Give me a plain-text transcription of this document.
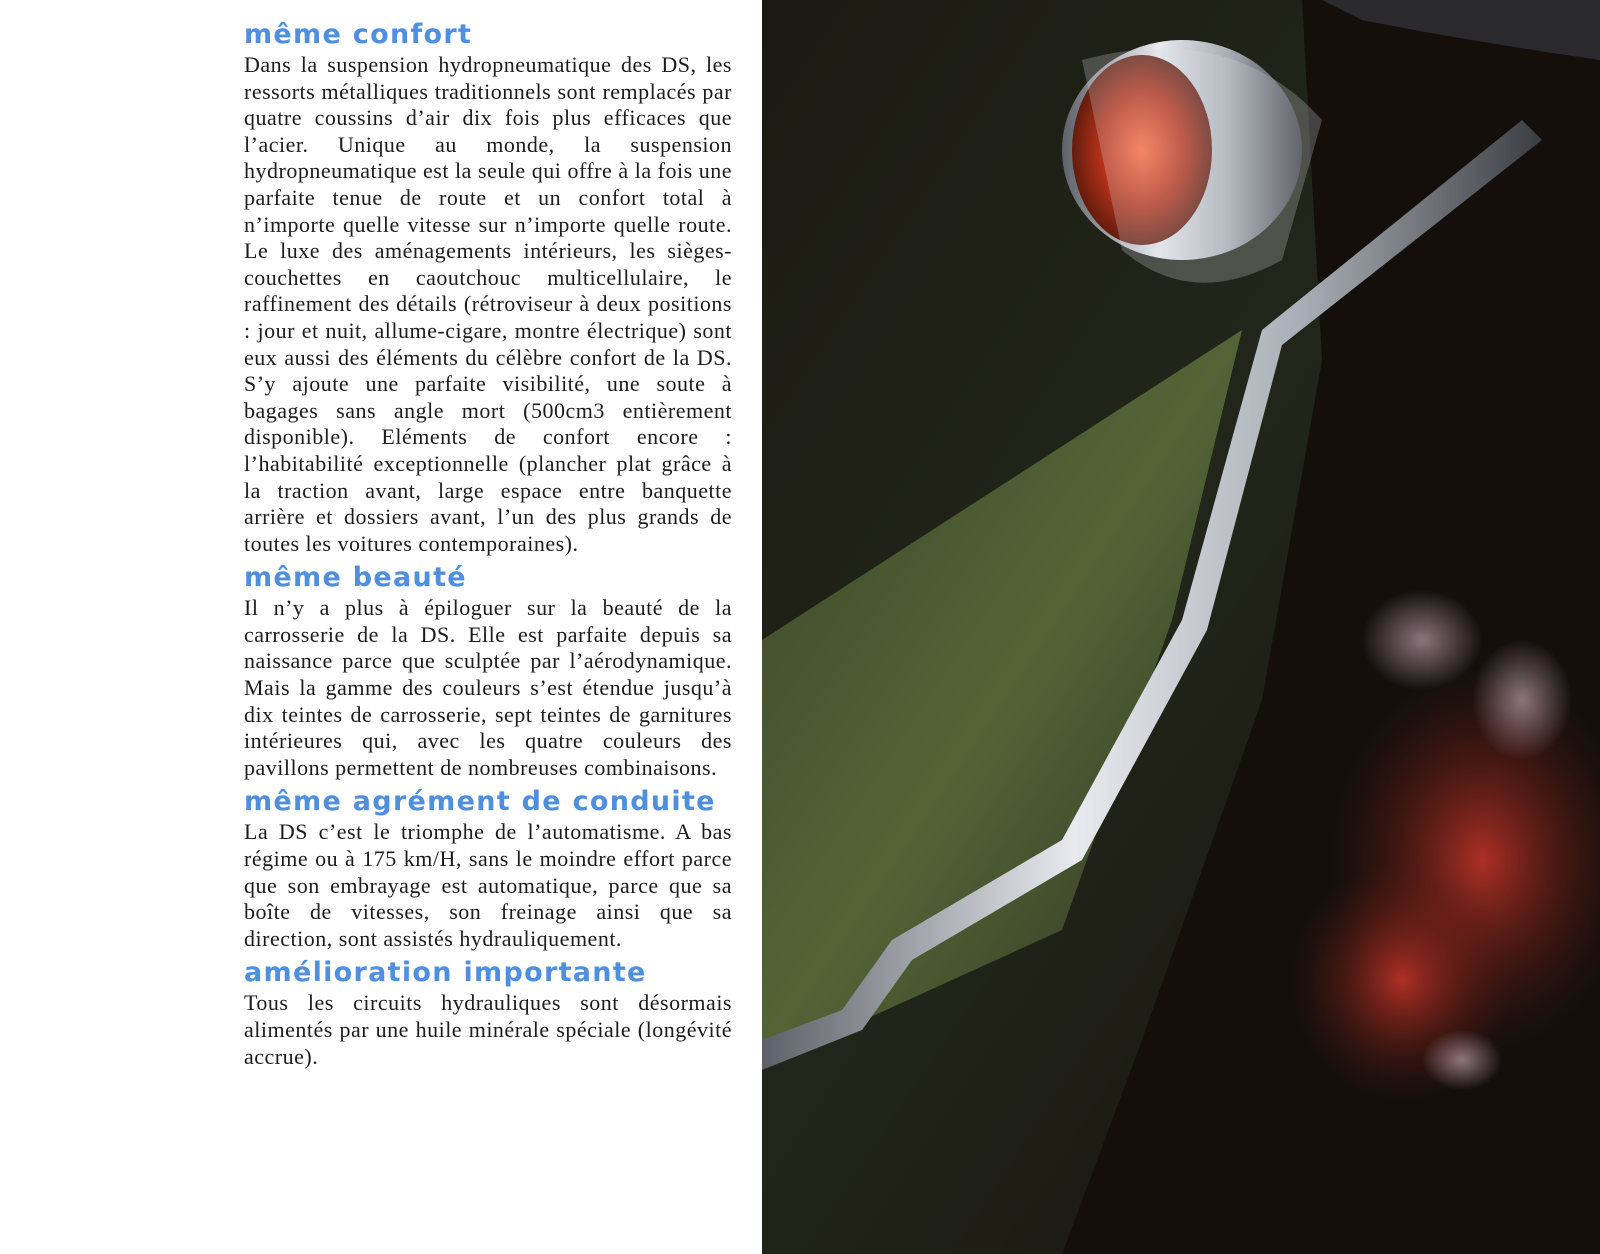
même confort

Dans la suspension hydropneumatique des DS, les ressorts métalliques traditionnels sont remplacés par quatre coussins d’air dix fois plus efficaces que l’acier. Unique au monde, la suspension hydropneumatique est la seule qui offre à la fois une parfaite tenue de route et un confort total à n’importe quelle vitesse sur n’importe quelle route. Le luxe des aménagements intérieurs, les sièges-couchettes en caoutchouc multicellulaire, le raffinement des détails (rétroviseur à deux positions : jour et nuit, allume-cigare, montre électrique) sont eux aussi des éléments du célèbre confort de la DS. S’y ajoute une parfaite visibilité, une soute à bagages sans angle mort (500cm3 entièrement disponible). Eléments de confort encore : l’habitabilité exceptionnelle (plancher plat grâce à la traction avant, large espace entre banquette arrière et dossiers avant, l’un des plus grands de toutes les voitures contemporaines).

même beauté

Il n’y a plus à épiloguer sur la beauté de la carrosserie de la DS. Elle est parfaite depuis sa naissance parce que sculptée par l’aérodynamique. Mais la gamme des couleurs s’est étendue jusqu’à dix teintes de carrosserie, sept teintes de garnitures intérieures qui, avec les quatre couleurs des pavillons permettent de nombreuses combinaisons.

même agrément de conduite

La DS c’est le triomphe de l’automatisme. A bas régime ou à 175 km/H, sans le moindre effort parce que son embrayage est automatique, parce que sa boîte de vitesses, son freinage ainsi que sa direction, sont assistés hydrauliquement.

amélioration importante

Tous les circuits hydrauliques sont désormais alimentés par une huile minérale spéciale (longévité accrue).
